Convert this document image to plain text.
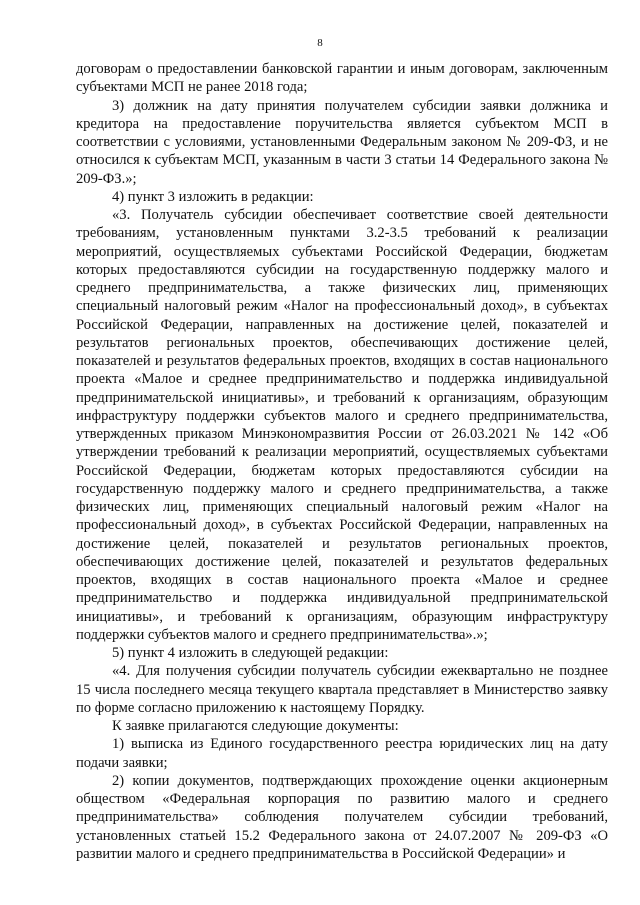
8

договорам о предоставлении банковской гарантии и иным договорам, заключенным субъектами МСП не ранее 2018 года;

3) должник на дату принятия получателем субсидии заявки должника и кредитора на предоставление поручительства является субъектом МСП в соответствии с условиями, установленными Федеральным законом № 209-ФЗ, и не относился к субъектам МСП, указанным в части 3 статьи 14 Федерального закона № 209-ФЗ.»;

4) пункт 3 изложить в редакции:

«3. Получатель субсидии обеспечивает соответствие своей деятельности требованиям, установленным пунктами 3.2-3.5 требований к реализации мероприятий, осуществляемых субъектами Российской Федерации, бюджетам которых предоставляются субсидии на государственную поддержку малого и среднего предпринимательства, а также физических лиц, применяющих специальный налоговый режим «Налог на профессиональный доход», в субъектах Российской Федерации, направленных на достижение целей, показателей и результатов региональных проектов, обеспечивающих достижение целей, показателей и результатов федеральных проектов, входящих в состав национального проекта «Малое и среднее предпринимательство и поддержка индивидуальной предпринимательской инициативы», и требований к организациям, образующим инфраструктуру поддержки субъектов малого и среднего предпринимательства, утвержденных приказом Минэкономразвития России от 26.03.2021 № 142 «Об утверждении требований к реализации мероприятий, осуществляемых субъектами Российской Федерации, бюджетам которых предоставляются субсидии на государственную поддержку малого и среднего предпринимательства, а также физических лиц, применяющих специальный налоговый режим «Налог на профессиональный доход», в субъектах Российской Федерации, направленных на достижение целей, показателей и результатов региональных проектов, обеспечивающих достижение целей, показателей и результатов федеральных проектов, входящих в состав национального проекта «Малое и среднее предпринимательство и поддержка индивидуальной предпринимательской инициативы», и требований к организациям, образующим инфраструктуру поддержки субъектов малого и среднего предпринимательства».»;

5) пункт 4 изложить в следующей редакции:

«4. Для получения субсидии получатель субсидии ежеквартально не позднее 15 числа последнего месяца текущего квартала представляет в Министерство заявку по форме согласно приложению к настоящему Порядку.

К заявке прилагаются следующие документы:

1) выписка из Единого государственного реестра юридических лиц на дату подачи заявки;

2) копии документов, подтверждающих прохождение оценки акционерным обществом «Федеральная корпорация по развитию малого и среднего предпринимательства» соблюдения получателем субсидии требований, установленных статьей 15.2 Федерального закона от 24.07.2007 № 209-ФЗ «О развитии малого и среднего предпринимательства в Российской Федерации» и
